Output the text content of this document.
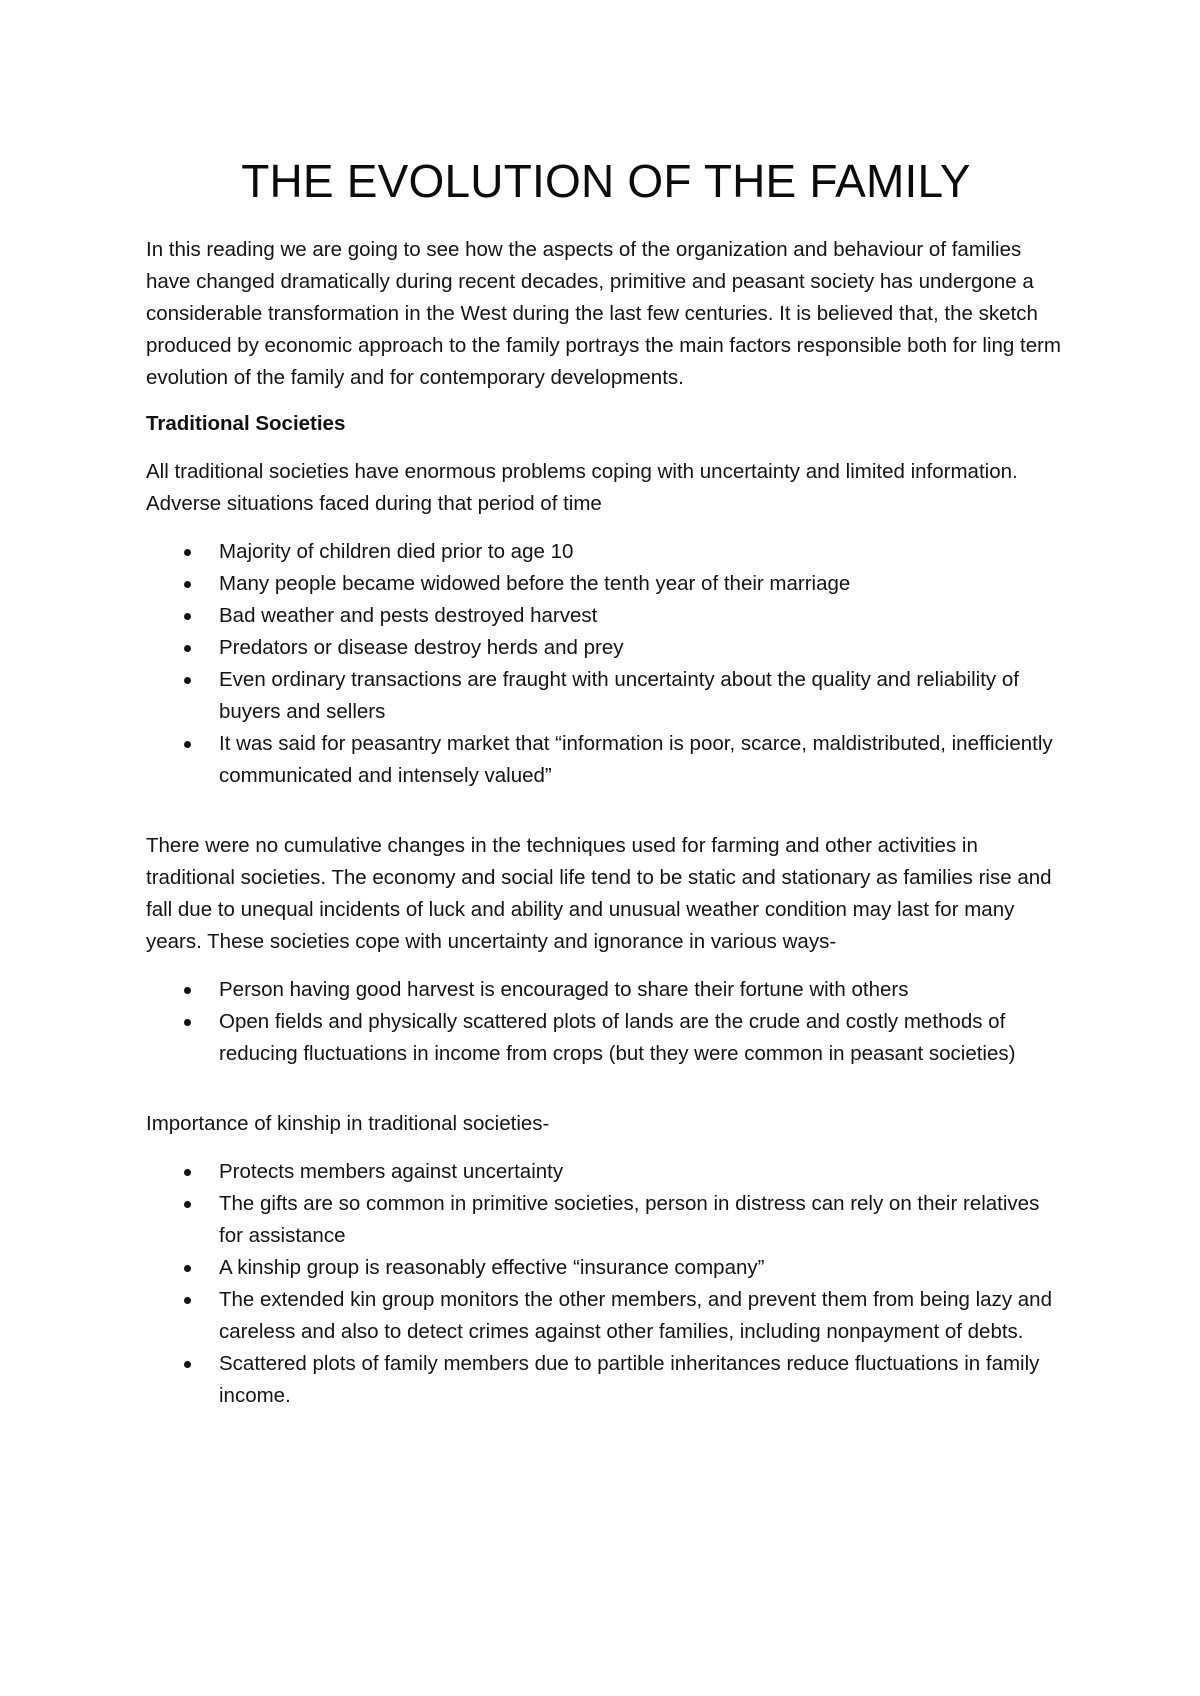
THE EVOLUTION OF THE FAMILY

In this reading we are going to see how the aspects of the organization and behaviour of families have changed dramatically during recent decades, primitive and peasant society has undergone a considerable transformation in the West during the last few centuries. It is believed that, the sketch produced by economic approach to the family portrays the main factors responsible both for ling term evolution of the family and for contemporary developments.

Traditional Societies

All traditional societies have enormous problems coping with uncertainty and limited information. Adverse situations faced during that period of time

Majority of children died prior to age 10
Many people became widowed before the tenth year of their marriage
Bad weather and pests destroyed harvest
Predators or disease destroy herds and prey
Even ordinary transactions are fraught with uncertainty about the quality and reliability of buyers and sellers
It was said for peasantry market that “information is poor, scarce, maldistributed, inefficiently communicated and intensely valued”

There were no cumulative changes in the techniques used for farming and other activities in traditional societies. The economy and social life tend to be static and stationary as families rise and fall due to unequal incidents of luck and ability and unusual weather condition may last for many years. These societies cope with uncertainty and ignorance in various ways-

Person having good harvest is encouraged to share their fortune with others
Open fields and physically scattered plots of lands are the crude and costly methods of reducing fluctuations in income from crops (but they were common in peasant societies)

Importance of kinship in traditional societies-

Protects members against uncertainty
The gifts are so common in primitive societies, person in distress can rely on their relatives for assistance
A kinship group is reasonably effective “insurance company”
The extended kin group monitors the other members, and prevent them from being lazy and careless and also to detect crimes against other families, including nonpayment of debts.
Scattered plots of family members due to partible inheritances reduce fluctuations in family income.
